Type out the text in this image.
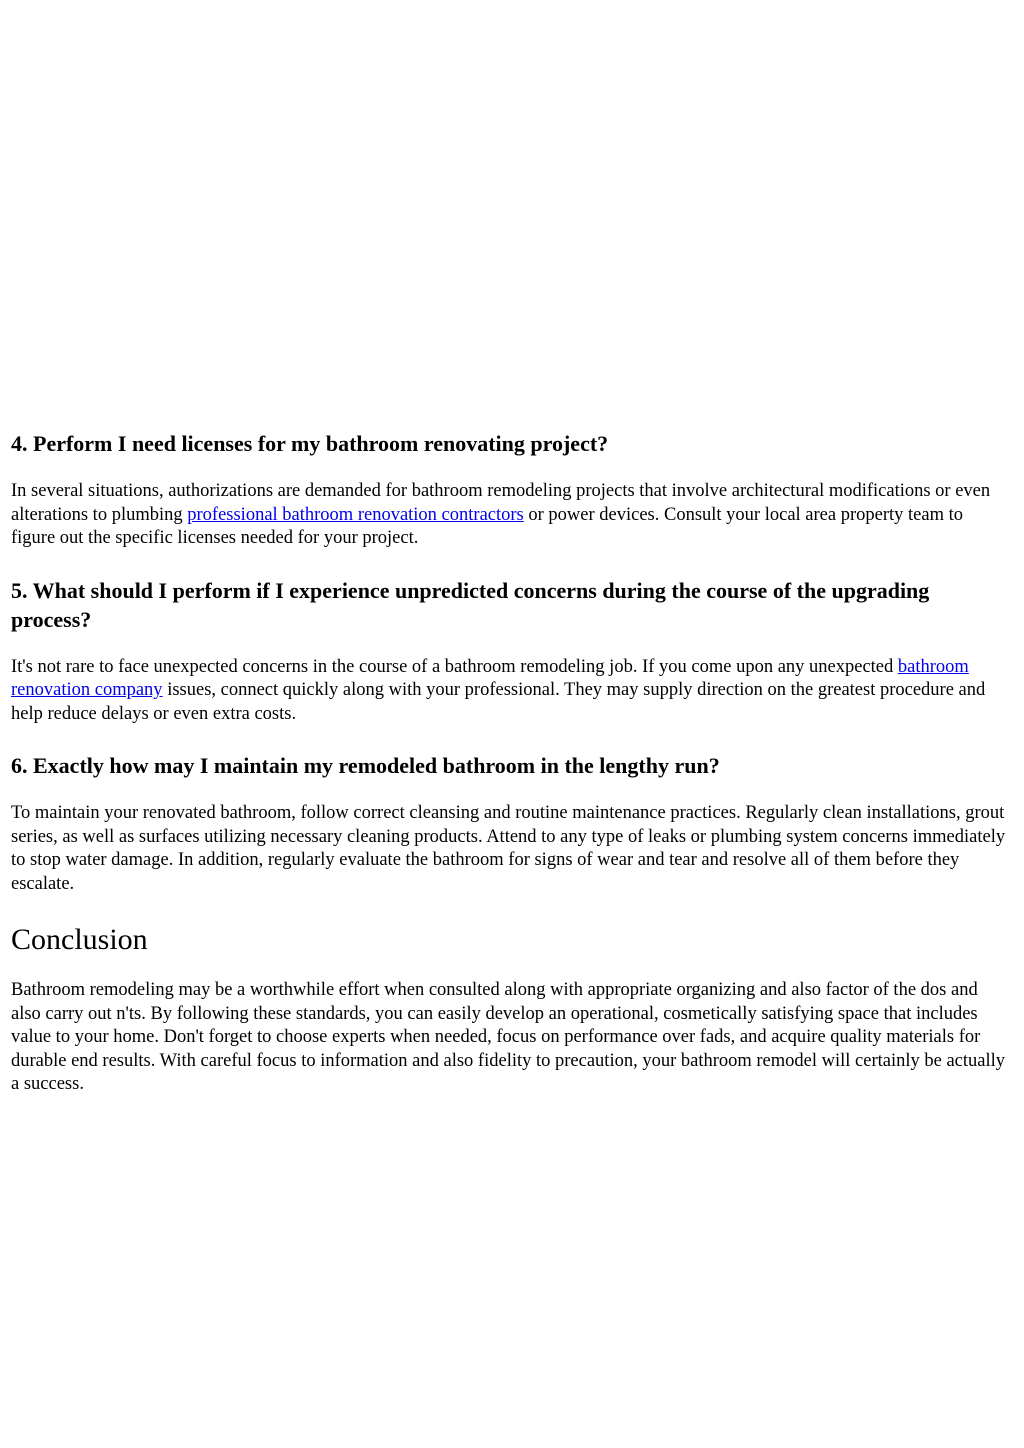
4. Perform I need licenses for my bathroom renovating project?

In several situations, authorizations are demanded for bathroom remodeling projects that involve architectural modifications or even alterations to plumbing professional bathroom renovation contractors or power devices. Consult your local area property team to figure out the specific licenses needed for your project.

5. What should I perform if I experience unpredicted concerns during the course of the upgrading process?

It's not rare to face unexpected concerns in the course of a bathroom remodeling job. If you come upon any unexpected bathroom renovation company issues, connect quickly along with your professional. They may supply direction on the greatest procedure and help reduce delays or even extra costs.

6. Exactly how may I maintain my remodeled bathroom in the lengthy run?

To maintain your renovated bathroom, follow correct cleansing and routine maintenance practices. Regularly clean installations, grout series, as well as surfaces utilizing necessary cleaning products. Attend to any type of leaks or plumbing system concerns immediately to stop water damage. In addition, regularly evaluate the bathroom for signs of wear and tear and resolve all of them before they escalate.

Conclusion

Bathroom remodeling may be a worthwhile effort when consulted along with appropriate organizing and also factor of the dos and also carry out n'ts. By following these standards, you can easily develop an operational, cosmetically satisfying space that includes value to your home. Don't forget to choose experts when needed, focus on performance over fads, and acquire quality materials for durable end results. With careful focus to information and also fidelity to precaution, your bathroom remodel will certainly be actually a success.
